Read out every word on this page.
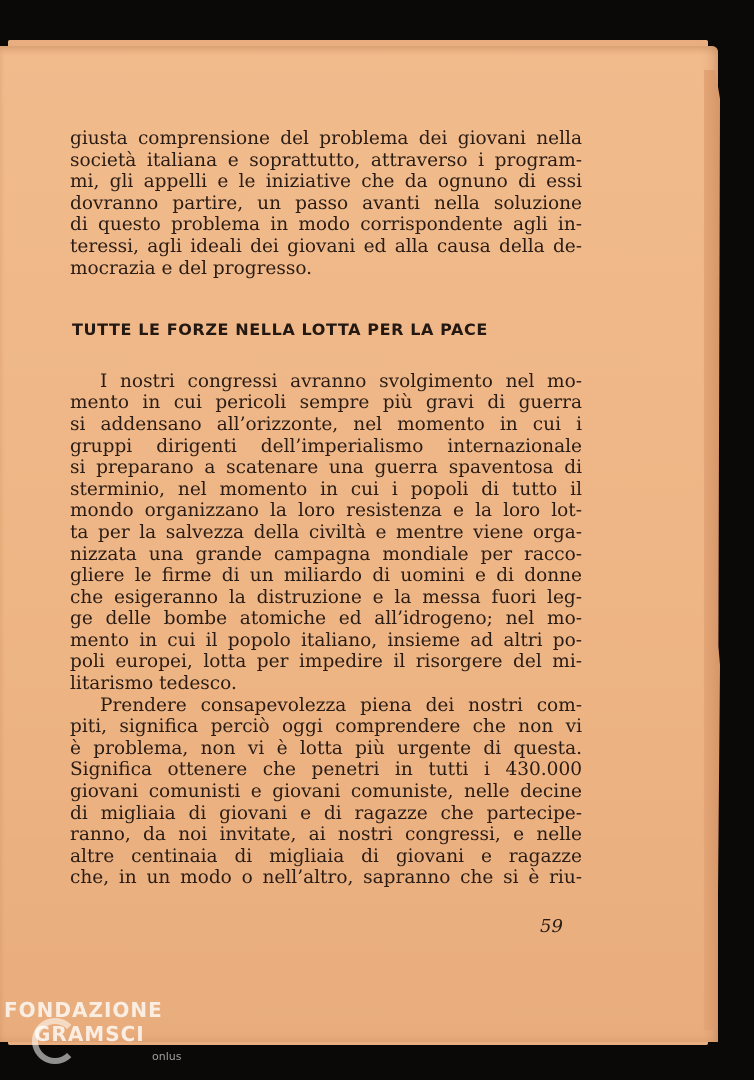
giusta comprensione del problema dei giovani nella
società italiana e soprattutto, attraverso i program-
mi, gli appelli e le iniziative che da ognuno di essi
dovranno partire, un passo avanti nella soluzione
di questo problema in modo corrispondente agli in-
teressi, agli ideali dei giovani ed alla causa della de-
mocrazia e del progresso.
TUTTE LE FORZE NELLA LOTTA PER LA PACE
I nostri congressi avranno svolgimento nel mo-
mento in cui pericoli sempre più gravi di guerra
si addensano all’orizzonte, nel momento in cui i
gruppi dirigenti dell’imperialismo internazionale
si preparano a scatenare una guerra spaventosa di
sterminio, nel momento in cui i popoli di tutto il
mondo organizzano la loro resistenza e la loro lot-
ta per la salvezza della civiltà e mentre viene orga-
nizzata una grande campagna mondiale per racco-
gliere le firme di un miliardo di uomini e di donne
che esigeranno la distruzione e la messa fuori leg-
ge delle bombe atomiche ed all’idrogeno; nel mo-
mento in cui il popolo italiano, insieme ad altri po-
poli europei, lotta per impedire il risorgere del mi-
litarismo tedesco.
Prendere consapevolezza piena dei nostri com-
piti, significa perciò oggi comprendere che non vi
è problema, non vi è lotta più urgente di questa.
Significa ottenere che penetri in tutti i 430.000
giovani comunisti e giovani comuniste, nelle decine
di migliaia di giovani e di ragazze che partecipe-
ranno, da noi invitate, ai nostri congressi, e nelle
altre centinaia di migliaia di giovani e ragazze
che, in un modo o nell’altro, sapranno che si è riu-
59
FONDAZIONE
GRAMSCI
onlus
